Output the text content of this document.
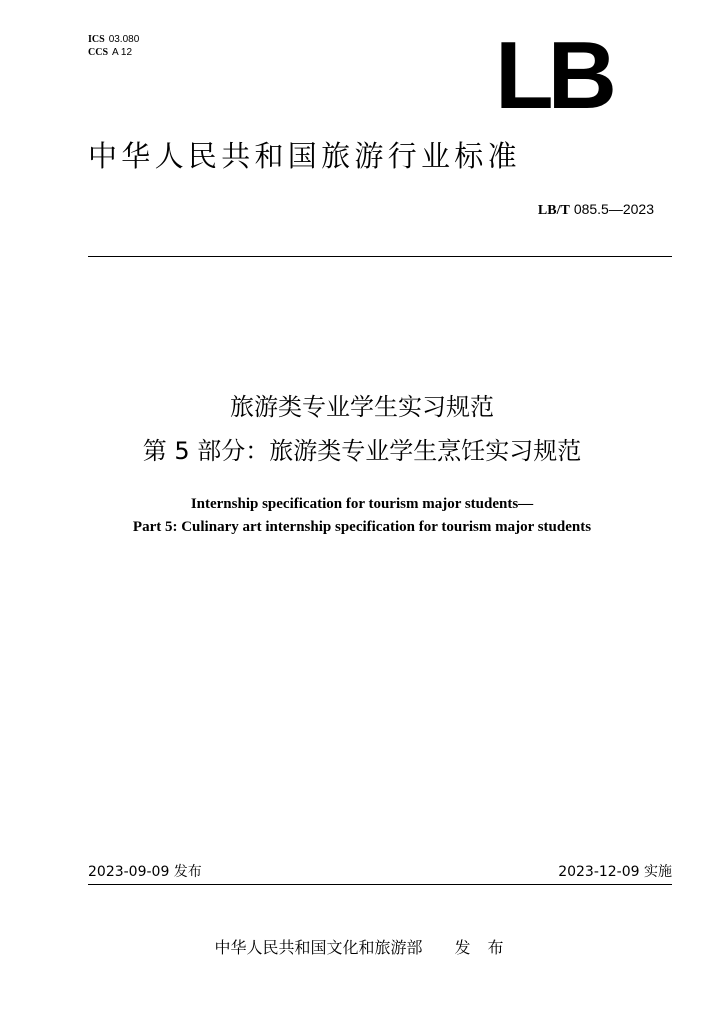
ICS 03.080
CCS A 12	LB
中华人民共和国旅游行业标准
LB/T 085.5—2023
旅游类专业学生实习规范
第 5 部分：旅游类专业学生烹饪实习规范
Internship specification for tourism major students—
Part 5: Culinary art internship specification for tourism major students
2023-09-09 发布	2023-12-09 实施
中华人民共和国文化和旅游部 发 布
